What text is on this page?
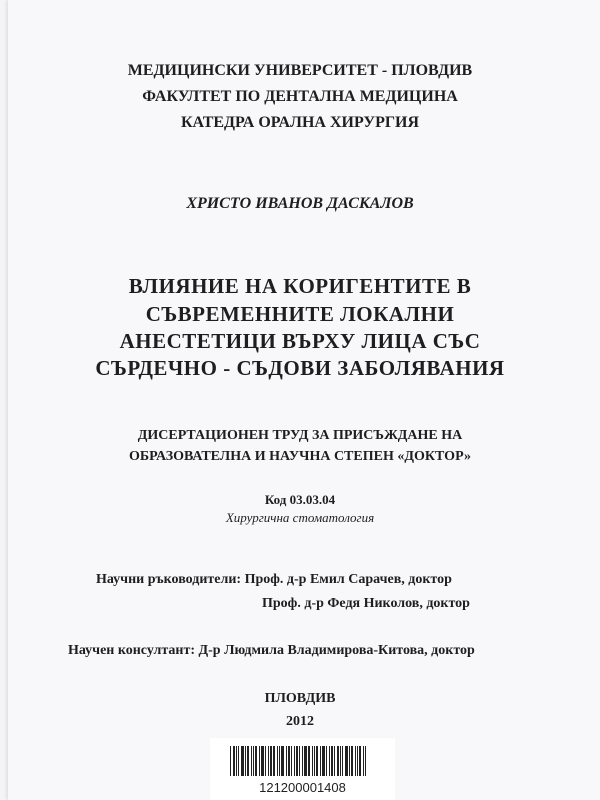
МЕДИЦИНСКИ УНИВЕРСИТЕТ - ПЛОВДИВ
ФАКУЛТЕТ ПО ДЕНТАЛНА МЕДИЦИНА
КАТЕДРА ОРАЛНА ХИРУРГИЯ
ХРИСТО ИВАНОВ ДАСКАЛОВ
ВЛИЯНИЕ НА КОРИГЕНТИТЕ В
СЪВРЕМЕННИТЕ ЛОКАЛНИ
АНЕСТЕТИЦИ ВЪРХУ ЛИЦА СЪС
СЪРДЕЧНО - СЪДОВИ ЗАБОЛЯВАНИЯ
ДИСЕРТАЦИОНЕН ТРУД ЗА ПРИСЪЖДАНЕ НА
ОБРАЗОВАТЕЛНА И НАУЧНА СТЕПЕН «ДОКТОР»
Код 03.03.04
Хирургична стоматология
Научни ръководители: Проф. д-р Емил Сарачев, доктор
Проф. д-р Федя Николов, доктор
Научен консултант: Д-р Людмила Владимирова-Китова, доктор
ПЛОВДИВ
2012
121200001408
